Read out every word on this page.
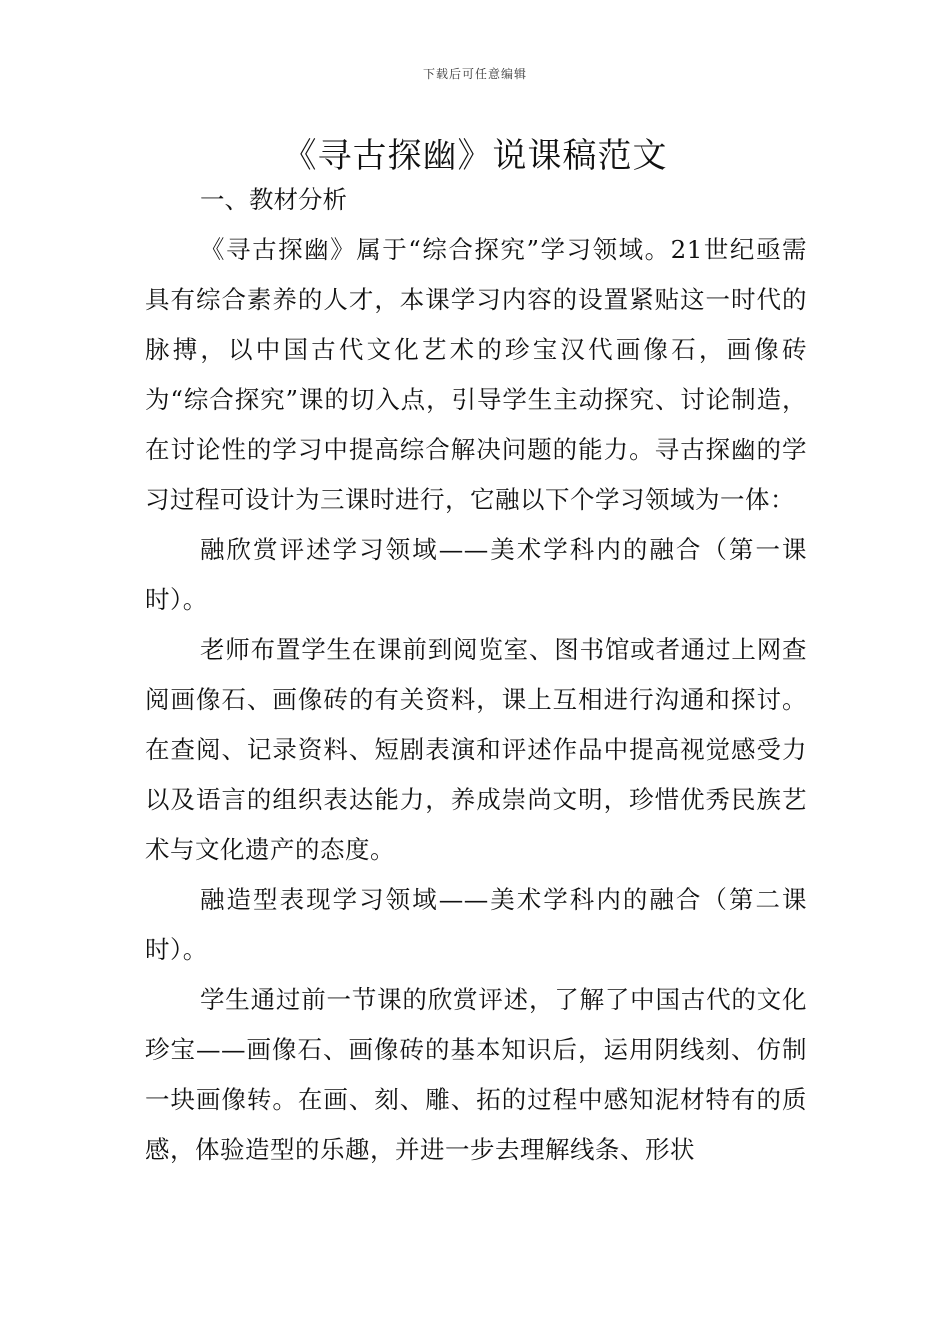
下载后可任意编辑
《寻古探幽》说课稿范文

一、教材分析

《寻古探幽》属于“综合探究”学习领域。21世纪亟需具有综合素养的人才，本课学习内容的设置紧贴这一时代的脉搏，以中国古代文化艺术的珍宝汉代画像石，画像砖为“综合探究”课的切入点，引导学生主动探究、讨论制造，在讨论性的学习中提高综合解决问题的能力。寻古探幽的学习过程可设计为三课时进行，它融以下个学习领域为一体：

融欣赏评述学习领域——美术学科内的融合（第一课时）。

老师布置学生在课前到阅览室、图书馆或者通过上网查阅画像石、画像砖的有关资料，课上互相进行沟通和探讨。在查阅、记录资料、短剧表演和评述作品中提高视觉感受力以及语言的组织表达能力，养成崇尚文明，珍惜优秀民族艺术与文化遗产的态度。

融造型表现学习领域——美术学科内的融合（第二课时）。

学生通过前一节课的欣赏评述，了解了中国古代的文化珍宝——画像石、画像砖的基本知识后，运用阴线刻、仿制一块画像转。在画、刻、雕、拓的过程中感知泥材特有的质感，体验造型的乐趣，并进一步去理解线条、形状
